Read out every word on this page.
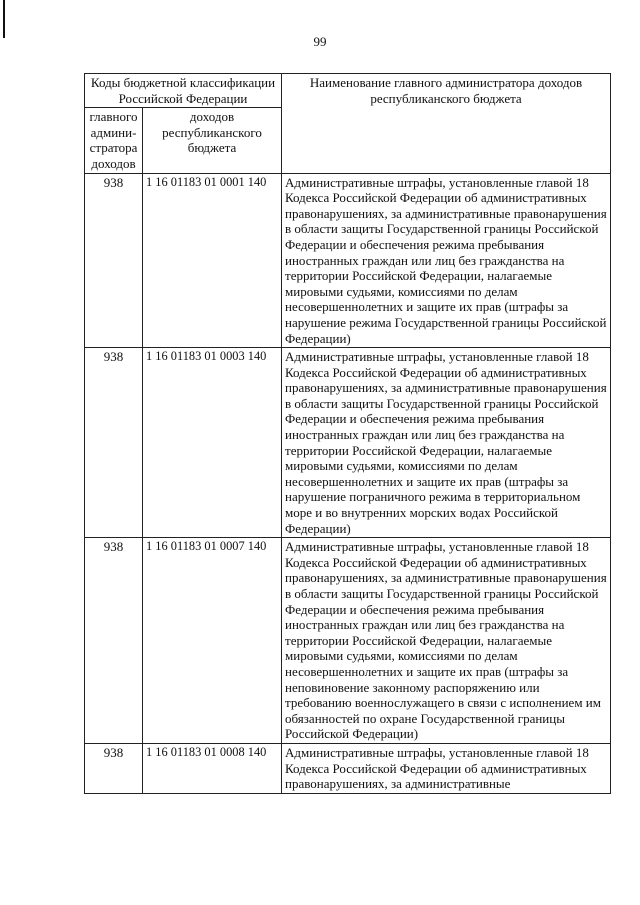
99
Коды бюджетной классификации Российской Федерации		Наименование главного администратора доходов республиканского бюджета
главного админи-стратора доходов	доходов республиканского бюджета	
938	1 16 01183 01 0001 140	Административные штрафы, установленные главой 18 Кодекса Российской Федерации об административных правонарушениях, за административные правонарушения в области защиты Государственной границы Российской Федерации и обеспечения режима пребывания иностранных граждан или лиц без гражданства на территории Российской Федерации, налагаемые мировыми судьями, комиссиями по делам несовершеннолетних и защите их прав (штрафы за нарушение режима Государственной границы Российской Федерации)
938	1 16 01183 01 0003 140	Административные штрафы, установленные главой 18 Кодекса Российской Федерации об административных правонарушениях, за административные правонарушения в области защиты Государственной границы Российской Федерации и обеспечения режима пребывания иностранных граждан или лиц без гражданства на территории Российской Федерации, налагаемые мировыми судьями, комиссиями по делам несовершеннолетних и защите их прав (штрафы за нарушение пограничного режима в территориальном море и во внутренних морских водах Российской Федерации)
938	1 16 01183 01 0007 140	Административные штрафы, установленные главой 18 Кодекса Российской Федерации об административных правонарушениях, за административные правонарушения в области защиты Государственной границы Российской Федерации и обеспечения режима пребывания иностранных граждан или лиц без гражданства на территории Российской Федерации, налагаемые мировыми судьями, комиссиями по делам несовершеннолетних и защите их прав (штрафы за неповиновение законному распоряжению или требованию военнослужащего в связи с исполнением им обязанностей по охране Государственной границы Российской Федерации)
938	1 16 01183 01 0008 140	Административные штрафы, установленные главой 18 Кодекса Российской Федерации об административных правонарушениях, за административные
